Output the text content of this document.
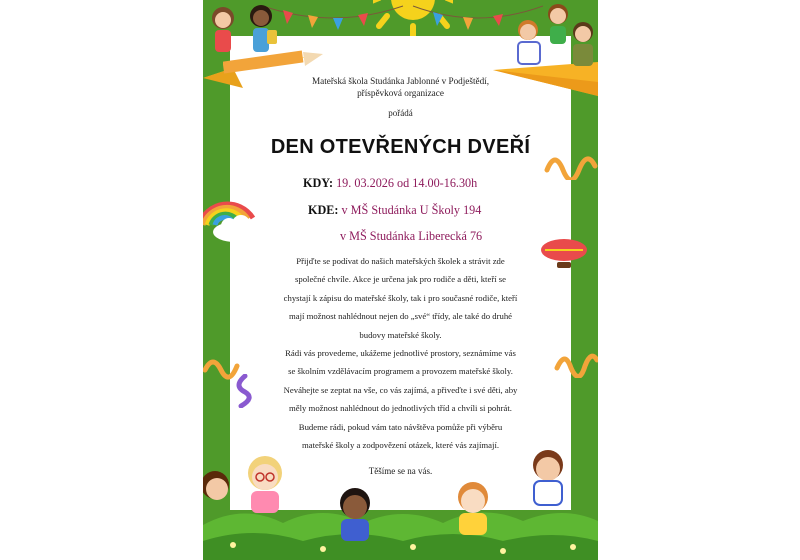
Mateřská škola Studánka Jablonné v Podještědí,
příspěvková organizace
pořádá
DEN OTEVŘENÝCH DVEŘÍ
KDY: 19. 03.2026 od 14.00-16.30h
KDE: v MŠ Studánka U Školy 194
v MŠ Studánka Liberecká 76

Přijďte se podívat do našich mateřských školek a strávit zde

společné chvíle. Akce je určena jak pro rodiče a děti, kteří se

chystají k zápisu do mateřské školy, tak i pro současné rodiče, kteří

mají možnost nahlédnout nejen do „své“ třídy, ale také do druhé

budovy mateřské školy.

Rádi vás provedeme, ukážeme jednotlivé prostory, seznámíme vás

se školním vzdělávacím programem a provozem mateřské školy.

Neváhejte se zeptat na vše, co vás zajímá, a přiveďte i své děti, aby

měly možnost nahlédnout do jednotlivých tříd a chvíli si pohrát.

Budeme rádi, pokud vám tato návštěva pomůže při výběru

mateřské školy a zodpovězení otázek, které vás zajímají.

Těšíme se na vás.
